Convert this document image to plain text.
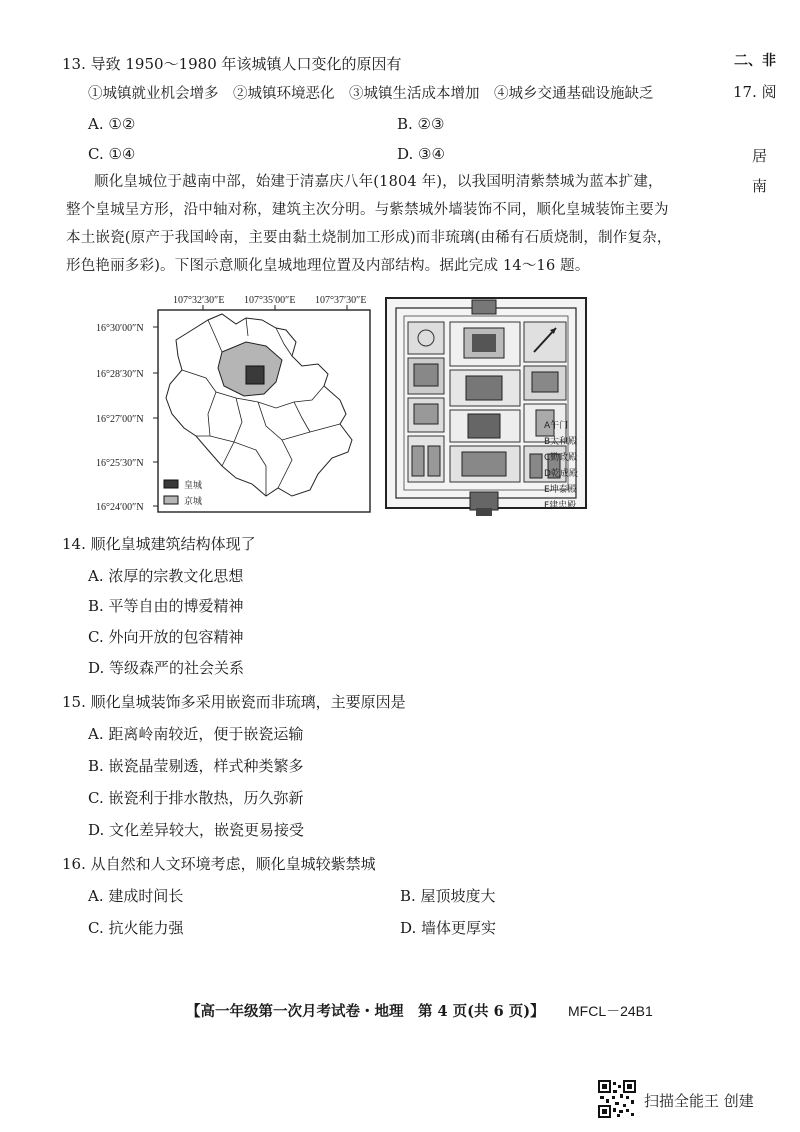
二、非
17. 阅
居
南
13. 导致 1950～1980 年该城镇人口变化的原因有
①城镇就业机会增多　②城镇环境恶化　③城镇生活成本增加　④城乡交通基础设施缺乏
A. ①②	B. ②③
C. ①④	D. ③④
顺化皇城位于越南中部，始建于清嘉庆八年(1804 年)，以我国明清紫禁城为蓝本扩建，整个皇城呈方形，沿中轴对称，建筑主次分明。与紫禁城外墙装饰不同，顺化皇城装饰主要为本土嵌瓷(原产于我国岭南，主要由黏土烧制加工形成)而非琉璃(由稀有石质烧制，制作复杂，形色艳丽多彩)。下图示意顺化皇城地理位置及内部结构。据此完成 14～16 题。
107°32′30″E 107°35′00″E 107°37′30″E
16°30′00″N
16°28′30″N
16°27′00″N
16°25′30″N
16°24′00″N
皇城
京城
A午门
B太和殿
C勤政殿
D乾成殿
E坤泰殿
F建忠殿
14. 顺化皇城建筑结构体现了
A. 浓厚的宗教文化思想
B. 平等自由的博爱精神
C. 外向开放的包容精神
D. 等级森严的社会关系
15. 顺化皇城装饰多采用嵌瓷而非琉璃，主要原因是
A. 距离岭南较近，便于嵌瓷运输
B. 嵌瓷晶莹剔透，样式种类繁多
C. 嵌瓷利于排水散热，历久弥新
D. 文化差异较大，嵌瓷更易接受
16. 从自然和人文环境考虑，顺化皇城较紫禁城
A. 建成时间长	B. 屋顶坡度大
C. 抗火能力强	D. 墙体更厚实
【高一年级第一次月考试卷・地理　第 4 页(共 6 页)】 MFCL－24B1
扫描全能王 创建
